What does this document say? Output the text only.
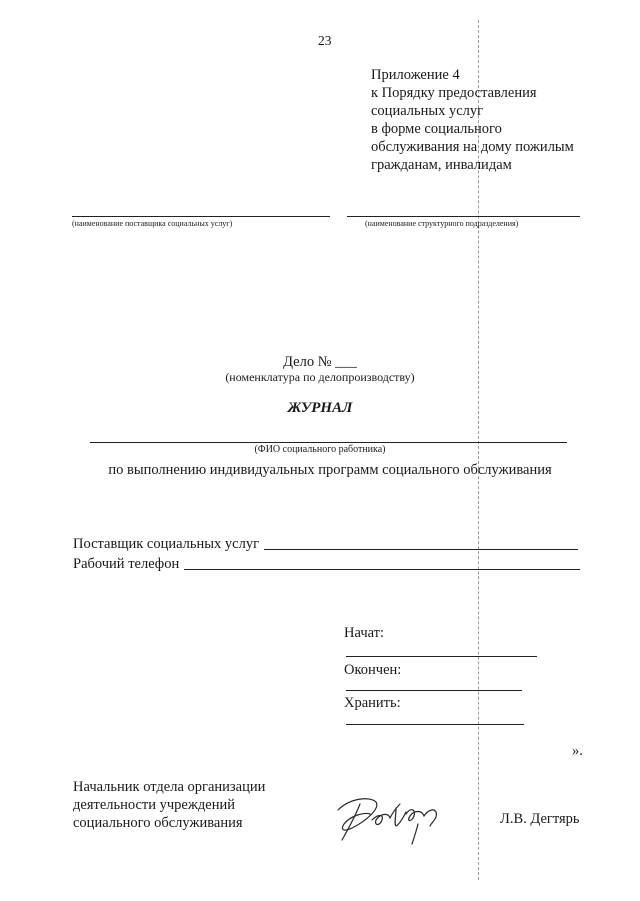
23
Приложение 4
к Порядку предоставления
социальных услуг
в форме социального
обслуживания на дому пожилым
гражданам, инвалидам
(наименование поставщика социальных услуг)	(наименование структурного подразделения)
Дело № ___
(номенклатура по делопроизводству)
ЖУРНАЛ
(ФИО социального работника)
по выполнению индивидуальных программ социального обслуживания
Поставщик социальных услуг
Рабочий телефон
Начат:
Окончен:
Хранить:
».
Начальник отдела организации
деятельности учреждений
социального обслуживания	Л.В. Дегтярь
